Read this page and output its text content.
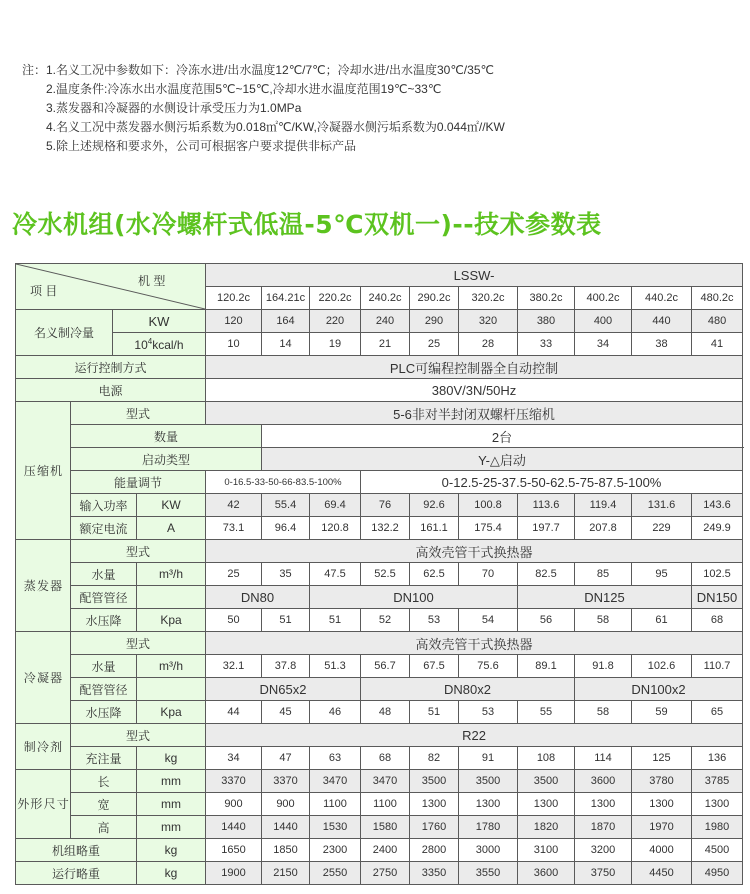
注： 1.名义工况中参数如下：冷冻水进/出水温度12℃/7℃；冷却水进/出水温度30℃/35℃
2.温度条件:冷冻水出水温度范围5℃~15℃,冷却水进水温度范围19℃~33℃
3.蒸发器和冷凝器的水侧设计承受压力为1.0MPa
4.名义工况中蒸发器水侧污垢系数为0.018㎡℃/KW,冷凝器水侧污垢系数为0.044㎡//KW
5.除上述规格和要求外，公司可根据客户要求提供非标产品
冷水机组(水冷螺杆式低温-5℃双机一)--技术参数表
项 目
机 型				LSSW-									
				120.2c	164.21c	220.2c	240.2c	290.2c	320.2c	380.2c	400.2c	440.2c	480.2c
名义制冷量		KW		120	164	220	240	290	320	380	400	440	480
		$10^4kcal/h$		10	14	19	21	25	28	33	34	38	41
运行控制方式				PLC可编程控制器全自动控制									
电源				380V/3N/50Hz									
压缩机	型式			5-6非对半封闭双螺杆压缩机									
	数量				2台								
	启动类型				Y-△启动								
	能量调节			0-16.5-33-50-66-83.5-100%			0-12.5-25-37.5-50-62.5-75-87.5-100%						
	输入功率		KW	42	55.4	69.4	76	92.6	100.8	113.6	119.4	131.6	143.6
	额定电流		A	73.1	96.4	120.8	132.2	161.1	175.4	197.7	207.8	229	249.9
蒸发器	型式			高效壳管干式换热器									
	水量		m³/h	25	35	47.5	52.5	62.5	70	82.5	85	95	102.5
	配管管径			DN80		DN100				DN125			DN150
	水压降		Kpa	50	51	51	52	53	54	56	58	61	68
冷凝器	型式			高效壳管干式换热器									
	水量		m³/h	32.1	37.8	51.3	56.7	67.5	75.6	89.1	91.8	102.6	110.7
	配管管径			DN65x2			DN80x2				DN100x2		
	水压降		Kpa	44	45	46	48	51	53	55	58	59	65
制冷剂	型式			R22									
	充注量		kg	34	47	63	68	82	91	108	114	125	136
外形尺寸	长		mm	3370	3370	3470	3470	3500	3500	3500	3600	3780	3785
	宽		mm	900	900	1100	1100	1300	1300	1300	1300	1300	1300
	高		mm	1440	1440	1530	1580	1760	1780	1820	1870	1970	1980
机组略重			kg	1650	1850	2300	2400	2800	3000	3100	3200	4000	4500
运行略重			kg	1900	2150	2550	2750	3350	3550	3600	3750	4450	4950
